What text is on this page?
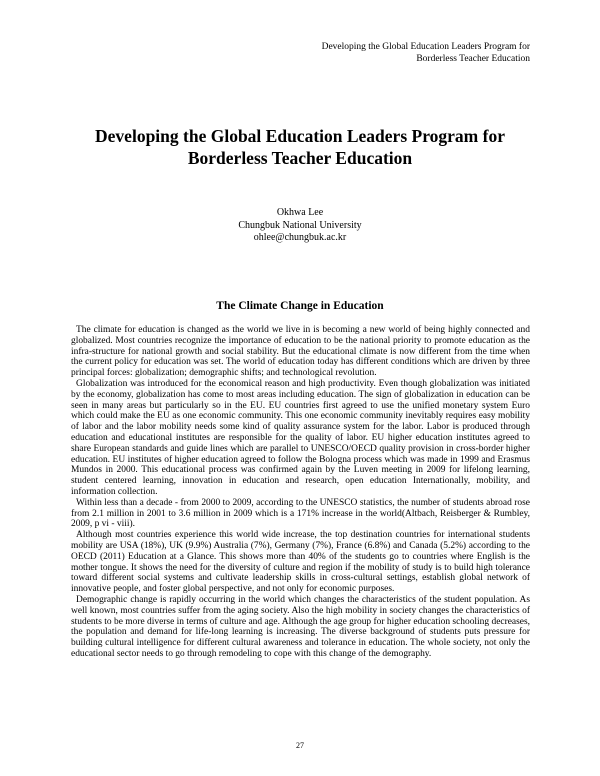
Developing the Global Education Leaders Program for
Borderless Teacher Education
Developing the Global Education Leaders Program for
Borderless Teacher Education
Okhwa Lee
Chungbuk National University
ohlee@chungbuk.ac.kr
The Climate Change in Education

The climate for education is changed as the world we live in is becoming a new world of being highly connected and globalized. Most countries recognize the importance of education to be the national priority to promote education as the infra-structure for national growth and social stability. But the educational climate is now different from the time when the current policy for education was set. The world of education today has different conditions which are driven by three principal forces: globalization; demographic shifts; and technological revolution.

Globalization was introduced for the economical reason and high productivity. Even though globalization was initiated by the economy, globalization has come to most areas including education. The sign of globalization in education can be seen in many areas but particularly so in the EU. EU countries first agreed to use the unified monetary system Euro which could make the EU as one economic community. This one economic community inevitably requires easy mobility of labor and the labor mobility needs some kind of quality assurance system for the labor. Labor is produced through education and educational institutes are responsible for the quality of labor. EU higher education institutes agreed to share European standards and guide lines which are parallel to UNESCO/OECD quality provision in cross-border higher education. EU institutes of higher education agreed to follow the Bologna process which was made in 1999 and Erasmus Mundos in 2000. This educational process was confirmed again by the Luven meeting in 2009 for lifelong learning, student centered learning, innovation in education and research, open education Internationally, mobility, and information collection.

Within less than a decade - from 2000 to 2009, according to the UNESCO statistics, the number of students abroad rose from 2.1 million in 2001 to 3.6 million in 2009 which is a 171% increase in the world(Altbach, Reisberger & Rumbley, 2009, p vi - viii).

Although most countries experience this world wide increase, the top destination countries for international students mobility are USA (18%), UK (9.9%) Australia (7%), Germany (7%), France (6.8%) and Canada (5.2%) according to the OECD (2011) Education at a Glance. This shows more than 40% of the students go to countries where English is the mother tongue. It shows the need for the diversity of culture and region if the mobility of study is to build high tolerance toward different social systems and cultivate leadership skills in cross-cultural settings, establish global network of innovative people, and foster global perspective, and not only for economic purposes.

Demographic change is rapidly occurring in the world which changes the characteristics of the student population. As well known, most countries suffer from the aging society. Also the high mobility in society changes the characteristics of students to be more diverse in terms of culture and age. Although the age group for higher education schooling decreases, the population and demand for life-long learning is increasing. The diverse background of students puts pressure for building cultural intelligence for different cultural awareness and tolerance in education. The whole society, not only the educational sector needs to go through remodeling to cope with this change of the demography.

27
